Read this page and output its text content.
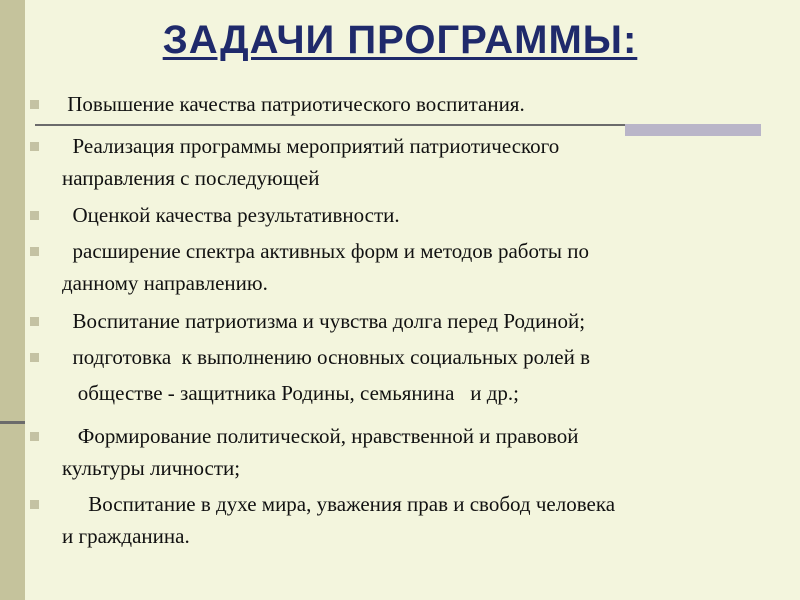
ЗАДАЧИ ПРОГРАММЫ:
Повышение качества патриотического воспитания.
Реализация программы мероприятий патриотического
направления с последующей
Оценкой качества результативности.
расширение спектра активных форм и методов работы по
данному направлению.
Воспитание патриотизма и чувства долга перед Родиной;
подготовка  к выполнению основных социальных ролей в
обществе - защитника Родины, семьянина   и др.;
Формирование политической, нравственной и правовой
культуры личности;
Воспитание в духе мира, уважения прав и свобод человека
и гражданина.
